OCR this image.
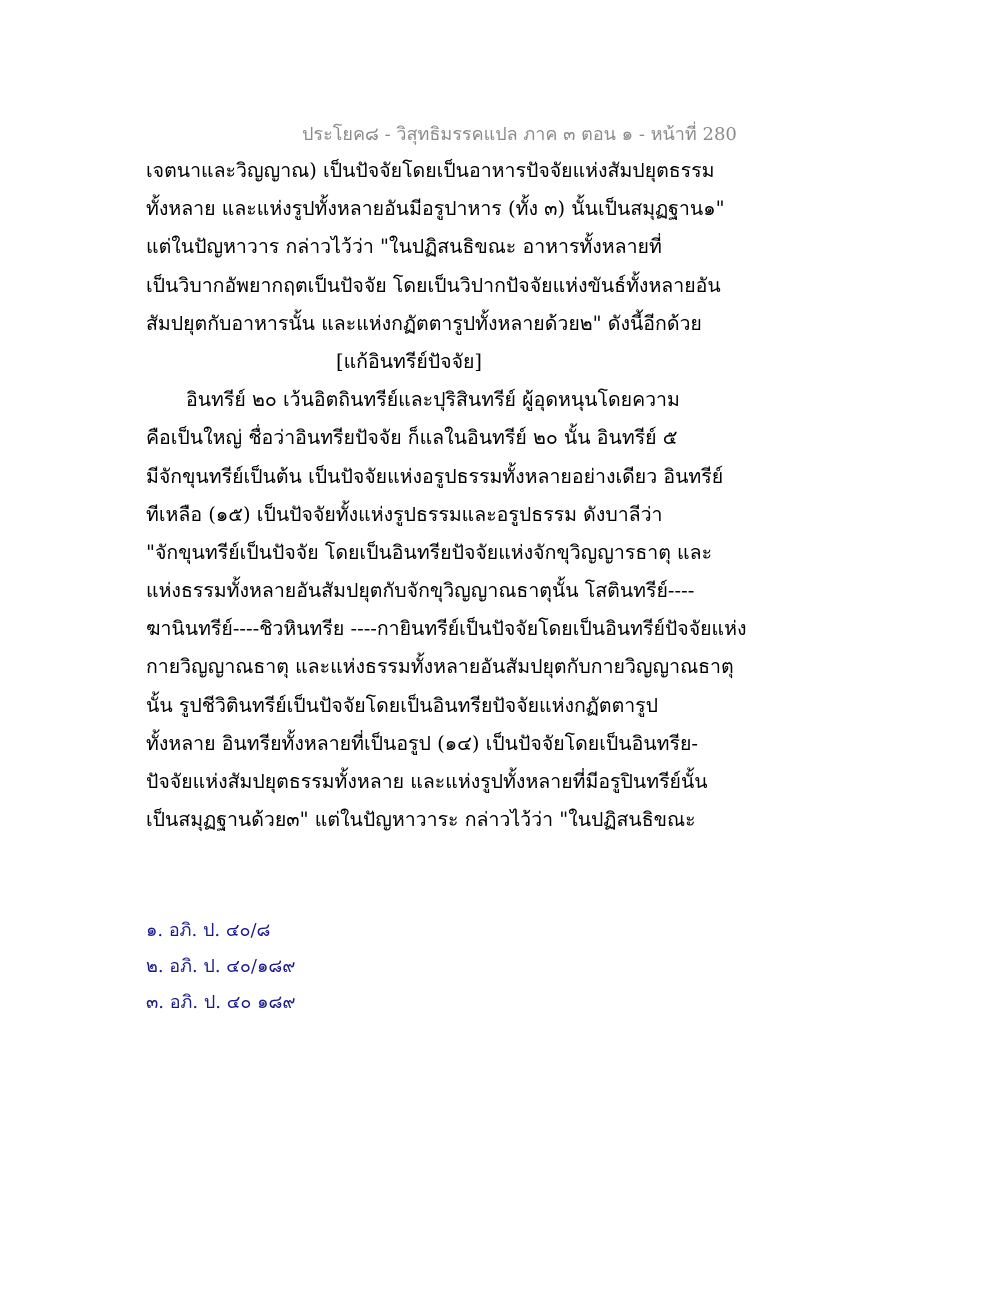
ประโยค๘ - วิสุทธิมรรคแปล ภาค ๓ ตอน ๑ - หน้าที่ 280
เจตนาและวิญญาณ) เป็นปัจจัยโดยเป็นอาหารปัจจัยแห่งสัมปยุตธรรม
ทั้งหลาย และแห่งรูปทั้งหลายอันมีอรูปาหาร (ทั้ง ๓) นั้นเป็นสมุฏฐาน๑"
แต่ในปัญหาวาร กล่าวไว้ว่า "ในปฏิสนธิขณะ อาหารทั้งหลายที่
เป็นวิบากอัพยากฤตเป็นปัจจัย โดยเป็นวิปากปัจจัยแห่งขันธ์ทั้งหลายอัน
สัมปยุตกับอาหารนั้น และแห่งกฏัตตารูปทั้งหลายด้วย๒" ดังนี้อีกด้วย
[แก้อินทรีย์ปัจจัย]
อินทรีย์ ๒๐ เว้นอิตถินทรีย์และปุริสินทรีย์ ผู้อุดหนุนโดยความ
คือเป็นใหญ่ ชื่อว่าอินทรียปัจจัย ก็แลในอินทรีย์ ๒๐ นั้น อินทรีย์ ๕
มีจักขุนทรีย์เป็นต้น เป็นปัจจัยแห่งอรูปธรรมทั้งหลายอย่างเดียว อินทรีย์
ทีเหลือ (๑๕) เป็นปัจจัยทั้งแห่งรูปธรรมและอรูปธรรม ดังบาลีว่า
"จักขุนทรีย์เป็นปัจจัย โดยเป็นอินทรียปัจจัยแห่งจักขุวิญญารธาตุ และ
แห่งธรรมทั้งหลายอันสัมปยุตกับจักขุวิญญาณธาตุนั้น โสตินทรีย์----
ฆานินทรีย์----ชิวหินทรีย ----กายินทรีย์เป็นปัจจัยโดยเป็นอินทรีย์ปัจจัยแห่ง
กายวิญญาณธาตุ และแห่งธรรมทั้งหลายอันสัมปยุตกับกายวิญญาณธาตุ
นั้น รูปชีวิตินทรีย์เป็นปัจจัยโดยเป็นอินทรียปัจจัยแห่งกฏัตตารูป
ทั้งหลาย อินทรียทั้งหลายที่เป็นอรูป (๑๔) เป็นปัจจัยโดยเป็นอินทรีย-
ปัจจัยแห่งสัมปยุตธรรมทั้งหลาย และแห่งรูปทั้งหลายที่มีอรูปินทรีย์นั้น
เป็นสมุฏฐานด้วย๓" แต่ในปัญหาวาระ กล่าวไว้ว่า "ในปฏิสนธิขณะ
๑. อภิ. ป. ๔๐/๘
๒. อภิ. ป. ๔๐/๑๘๙
๓. อภิ. ป. ๔๐ ๑๘๙
